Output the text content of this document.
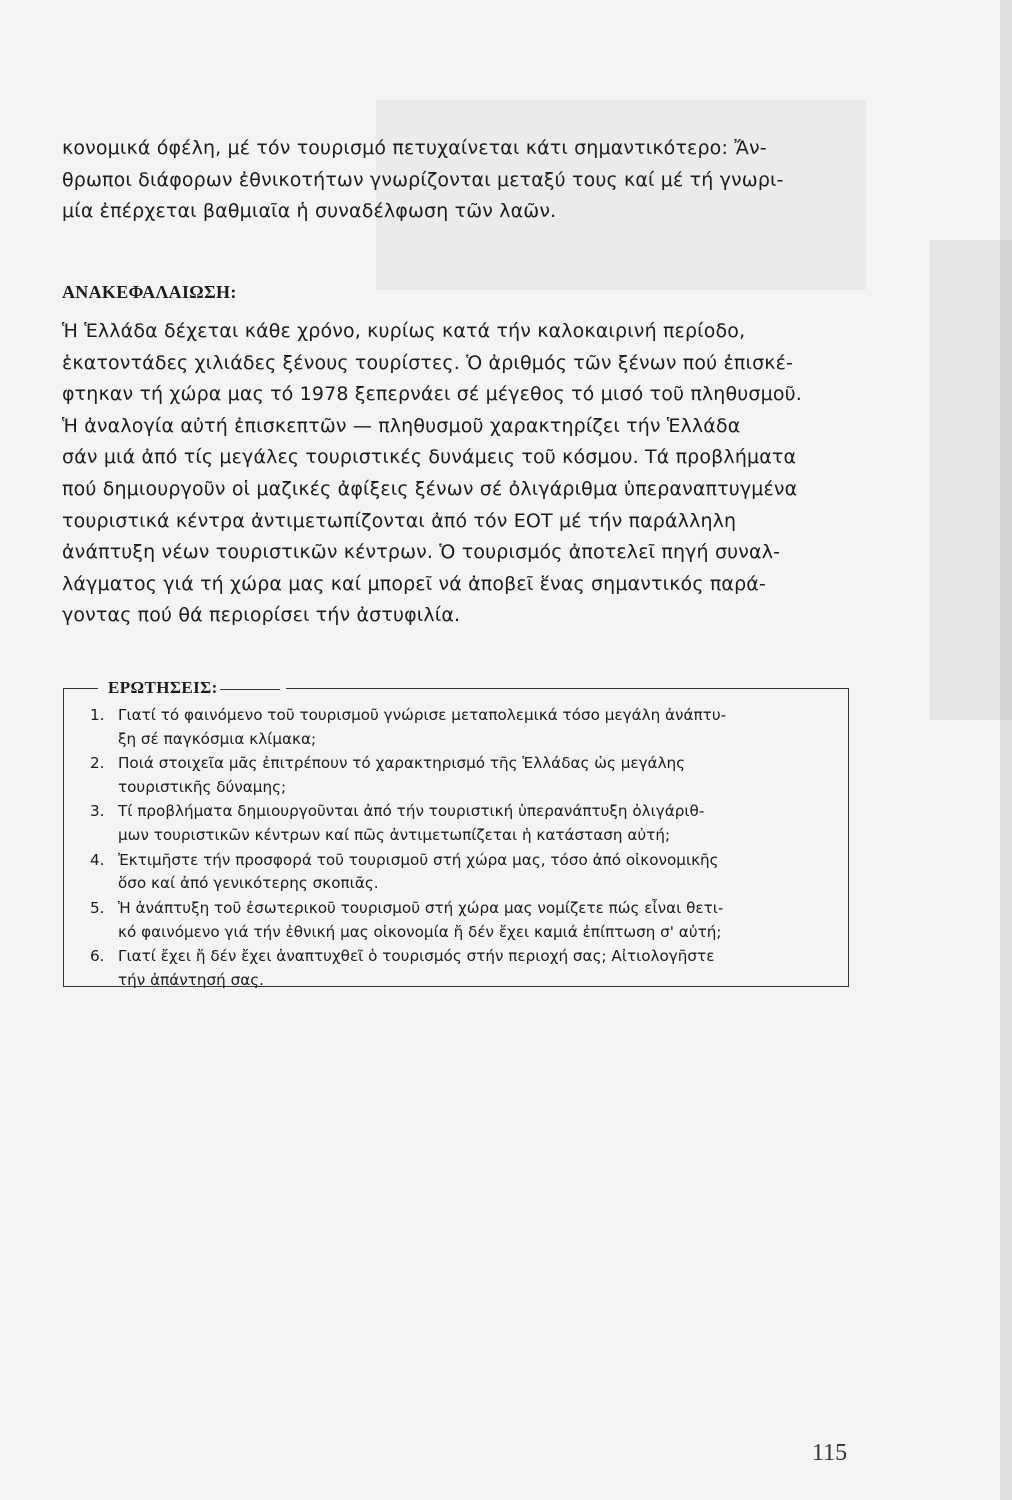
κονομικά όφέλη, μέ τόν τουρισμό πετυχαίνεται κάτι σημαντικότερο: Ἄν-
θρωποι διάφορων ἐθνικοτήτων γνωρίζονται μεταξύ τους καί μέ τή γνωρι-
μία ἐπέρχεται βαθμιαῖα ἡ συναδέλφωση τῶν λαῶν.

ΑΝΑΚΕΦΑΛΑΙΩΣΗ:

Ἡ Ἑλλάδα δέχεται κάθε χρόνο, κυρίως κατά τήν καλοκαιρινή περίοδο,
ἑκατοντάδες χιλιάδες ξένους τουρίστες. Ὁ ἀριθμός τῶν ξένων πού ἐπισκέ-
φτηκαν τή χώρα μας τό 1978 ξεπερνάει σέ μέγεθος τό μισό τοῦ πληθυσμοῦ.
Ἡ ἀναλογία αὐτή ἐπισκεπτῶν — πληθυσμοῦ χαρακτηρίζει τήν Ἑλλάδα
σάν μιά ἀπό τίς μεγάλες τουριστικές δυνάμεις τοῦ κόσμου. Τά προβλήματα
πού δημιουργοῦν οἱ μαζικές ἀφίξεις ξένων σέ ὀλιγάριθμα ὑπεραναπτυγμένα
τουριστικά κέντρα ἀντιμετωπίζονται ἀπό τόν ΕΟΤ μέ τήν παράλληλη
ἀνάπτυξη νέων τουριστικῶν κέντρων. Ὁ τουρισμός ἀποτελεῖ πηγή συναλ-
λάγματος γιά τή χώρα μας καί μπορεῖ νά ἀποβεῖ ἕνας σημαντικός παρά-
γοντας πού θά περιορίσει τήν ἀστυφιλία.

ΕΡΩΤΗΣΕΙΣ:
1. Γιατί τό φαινόμενο τοῦ τουρισμοῦ γνώρισε μεταπολεμικά τόσο μεγάλη ἀνάπτυ-
ξη σέ παγκόσμια κλίμακα;
2. Ποιά στοιχεῖα μᾶς ἐπιτρέπουν τό χαρακτηρισμό τῆς Ἑλλάδας ὡς μεγάλης
τουριστικῆς δύναμης;
3. Τί προβλήματα δημιουργοῦνται ἀπό τήν τουριστική ὑπερανάπτυξη ὀλιγάριθ-
μων τουριστικῶν κέντρων καί πῶς ἀντιμετωπίζεται ἡ κατάσταση αὐτή;
4. Ἐκτιμῆστε τήν προσφορά τοῦ τουρισμοῦ στή χώρα μας, τόσο ἀπό οἰκονομικῆς
ὅσο καί ἀπό γενικότερης σκοπιᾶς.
5. Ἡ ἀνάπτυξη τοῦ ἐσωτερικοῦ τουρισμοῦ στή χώρα μας νομίζετε πώς εἶναι θετι-
κό φαινόμενο γιά τήν ἐθνική μας οἰκονομία ἤ δέν ἔχει καμιά ἐπίπτωση σ' αὐτή;
6. Γιατί ἔχει ἤ δέν ἔχει ἀναπτυχθεῖ ὁ τουρισμός στήν περιοχή σας; Αἰτιολογῆστε
τήν ἀπάντησή σας.
115
